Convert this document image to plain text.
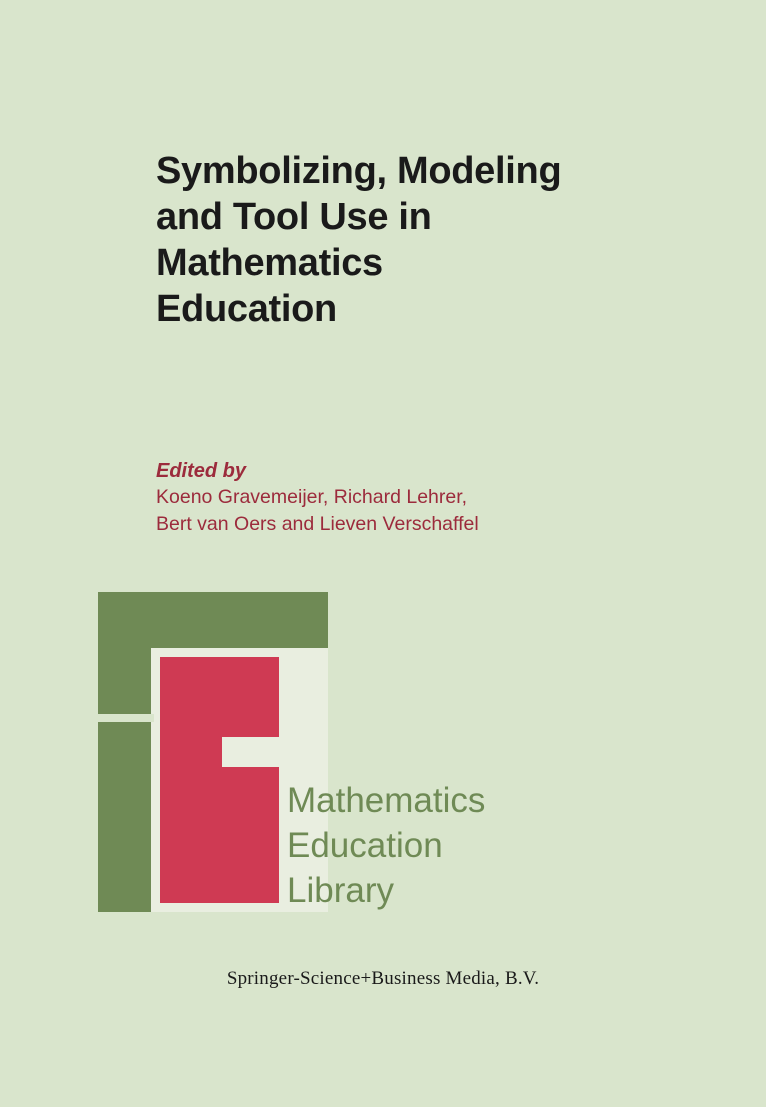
Symbolizing, Modeling
and Tool Use in
Mathematics
Education
Edited by
Koeno Gravemeijer, Richard Lehrer,
Bert van Oers and Lieven Verschaffel
Mathematics
Education
Library
Springer-Science+Business Media, B.V.
